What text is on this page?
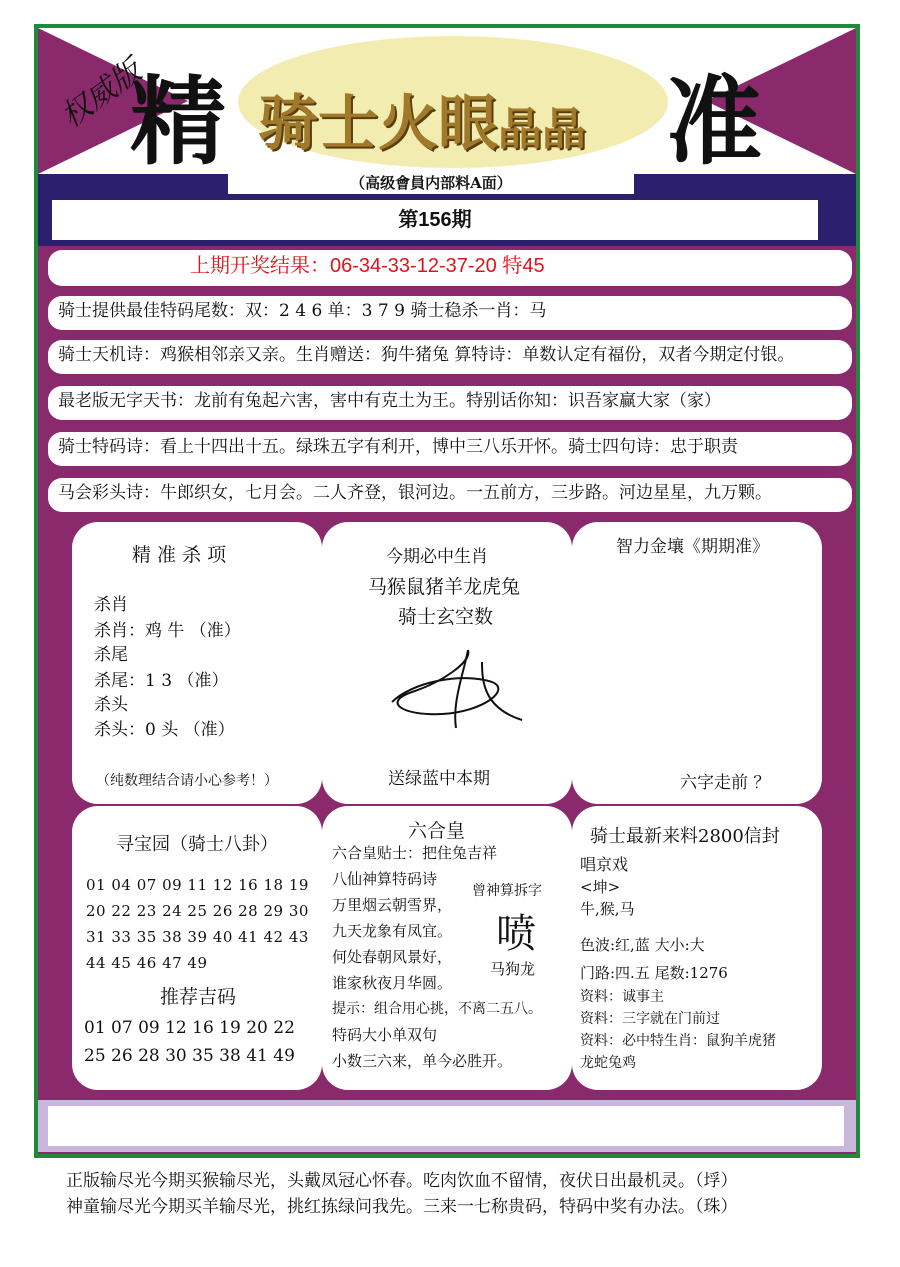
骑士火眼晶晶
精	准
权威版
（高级會員内部料A面）
第156期
上期开奖结果：06-34-33-12-37-20 特45
骑士提供最佳特码尾数：双：2 4 6 单：3 7 9 骑士稳杀一肖：马
骑士天机诗：鸡猴相邻亲又亲。生肖赠送：狗牛猪兔 算特诗：单数认定有福份，双者今期定付银。
最老版无字天书：龙前有兔起六害，害中有克土为王。特别话你知：识吾家赢大家（家）
骑士特码诗：看上十四出十五。绿珠五字有利开，博中三八乐开怀。骑士四句诗：忠于职责
马会彩头诗：牛郎织女，七月会。二人齐登，银河边。一五前方，三步路。河边星星，九万颗。
精 准 杀 项
杀肖
杀肖：鸡 牛 （准）
杀尾
杀尾：1 3 （准）
杀头
杀头：0 头 （准）
（纯数理结合请小心参考！）
今期必中生肖
马猴鼠猪羊龙虎兔
骑士玄空数
送绿蓝中本期
智力金壤《期期准》
六字走前 ？
寻宝园（骑士八卦）
01 04 07 09 11 12 16 18 19
20 22 23 24 25 26 28 29 30
31 33 35 38 39 40 41 42 43
44 45 46 47 49
推荐吉码
01 07 09 12 16 19 20 22
25 26 28 30 35 38 41 49
六合皇
六合皇贴士：把住兔吉祥
八仙神算特码诗
万里烟云朝雪界，
九天龙象有凤宜。
何处春朝风景好，
谁家秋夜月华圆。
提示：组合用心挑，不离二五八。
特码大小单双句
小数三六来，单今必胜开。
曾神算拆字
喷
马狗龙
骑士最新来料2800信封
唱京戏
<坤>
牛,猴,马
色波:红,蓝 大小:大
门路:四.五 尾数:1276
资料：诚事主
资料：三字就在门前过
资料：必中特生肖：鼠狗羊虎猪
龙蛇兔鸡
正版输尽光今期买猴输尽光，头戴凤冠心怀春。吃肉饮血不留情，夜伏日出最机灵。（垺）
神童输尽光今期买羊输尽光，挑红拣绿问我先。三来一七称贵码，特码中奖有办法。（珠）
